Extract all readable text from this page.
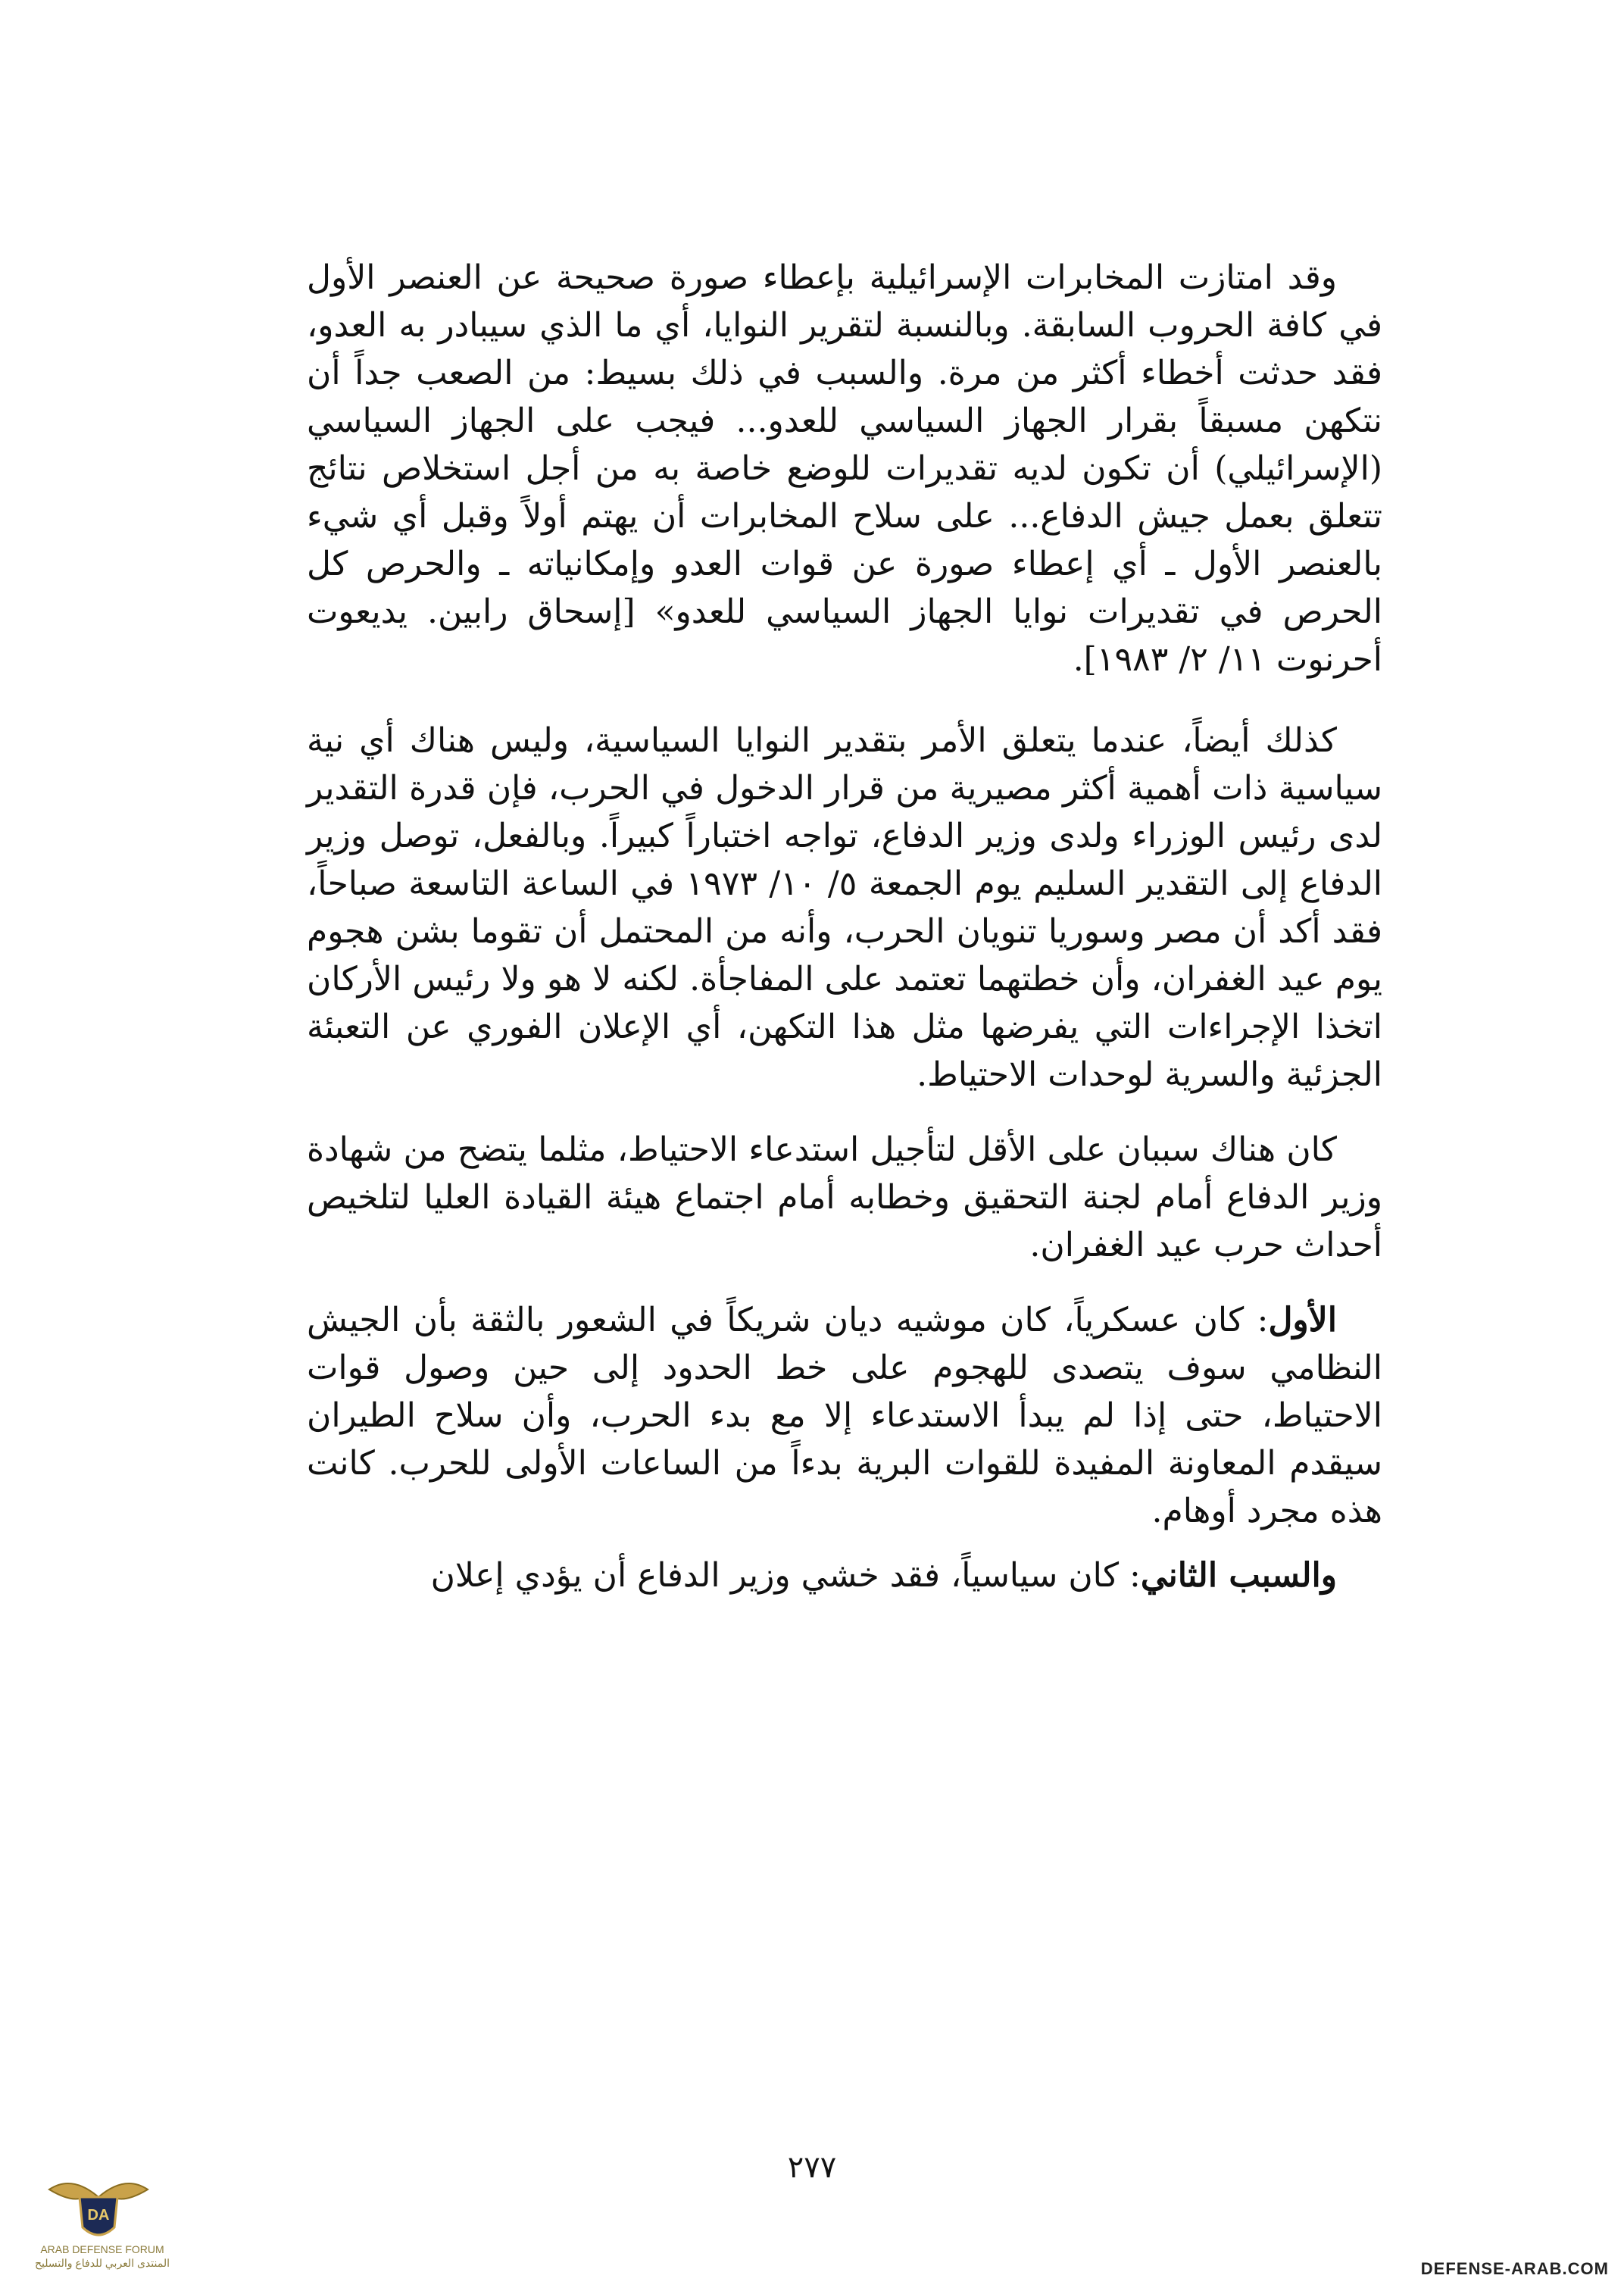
وقد امتازت المخابرات الإسرائيلية بإعطاء صورة صحيحة عن العنصر الأول في كافة الحروب السابقة. وبالنسبة لتقرير النوايا، أي ما الذي سيبادر به العدو، فقد حدثت أخطاء أكثر من مرة. والسبب في ذلك بسيط: من الصعب جداً أن نتكهن مسبقاً بقرار الجهاز السياسي للعدو... فيجب على الجهاز السياسي (الإسرائيلي) أن تكون لديه تقديرات للوضع خاصة به من أجل استخلاص نتائج تتعلق بعمل جيش الدفاع... على سلاح المخابرات أن يهتم أولاً وقبل أي شيء بالعنصر الأول ـ أي إعطاء صورة عن قوات العدو وإمكانياته ـ والحرص كل الحرص في تقديرات نوايا الجهاز السياسي للعدو» [إسحاق رابين. يديعوت أحرنوت ١١/ ٢/ ١٩٨٣].

كذلك أيضاً، عندما يتعلق الأمر بتقدير النوايا السياسية، وليس هناك أي نية سياسية ذات أهمية أكثر مصيرية من قرار الدخول في الحرب، فإن قدرة التقدير لدى رئيس الوزراء ولدى وزير الدفاع، تواجه اختباراً كبيراً. وبالفعل، توصل وزير الدفاع إلى التقدير السليم يوم الجمعة ٥/ ١٠/ ١٩٧٣ في الساعة التاسعة صباحاً، فقد أكد أن مصر وسوريا تنويان الحرب، وأنه من المحتمل أن تقوما بشن هجوم يوم عيد الغفران، وأن خطتهما تعتمد على المفاجأة. لكنه لا هو ولا رئيس الأركان اتخذا الإجراءات التي يفرضها مثل هذا التكهن، أي الإعلان الفوري عن التعبئة الجزئية والسرية لوحدات الاحتياط.

كان هناك سببان على الأقل لتأجيل استدعاء الاحتياط، مثلما يتضح من شهادة وزير الدفاع أمام لجنة التحقيق وخطابه أمام اجتماع هيئة القيادة العليا لتلخيص أحداث حرب عيد الغفران.

الأول: كان عسكرياً، كان موشيه ديان شريكاً في الشعور بالثقة بأن الجيش النظامي سوف يتصدى للهجوم على خط الحدود إلى حين وصول قوات الاحتياط، حتى إذا لم يبدأ الاستدعاء إلا مع بدء الحرب، وأن سلاح الطيران سيقدم المعاونة المفيدة للقوات البرية بدءاً من الساعات الأولى للحرب. كانت هذه مجرد أوهام.

والسبب الثاني: كان سياسياً، فقد خشي وزير الدفاع أن يؤدي إعلان

٢٧٧
DA
ARAB DEFENSE FORUM
المنتدى العربي للدفاع والتسليح	DEFENSE-ARAB.COM
